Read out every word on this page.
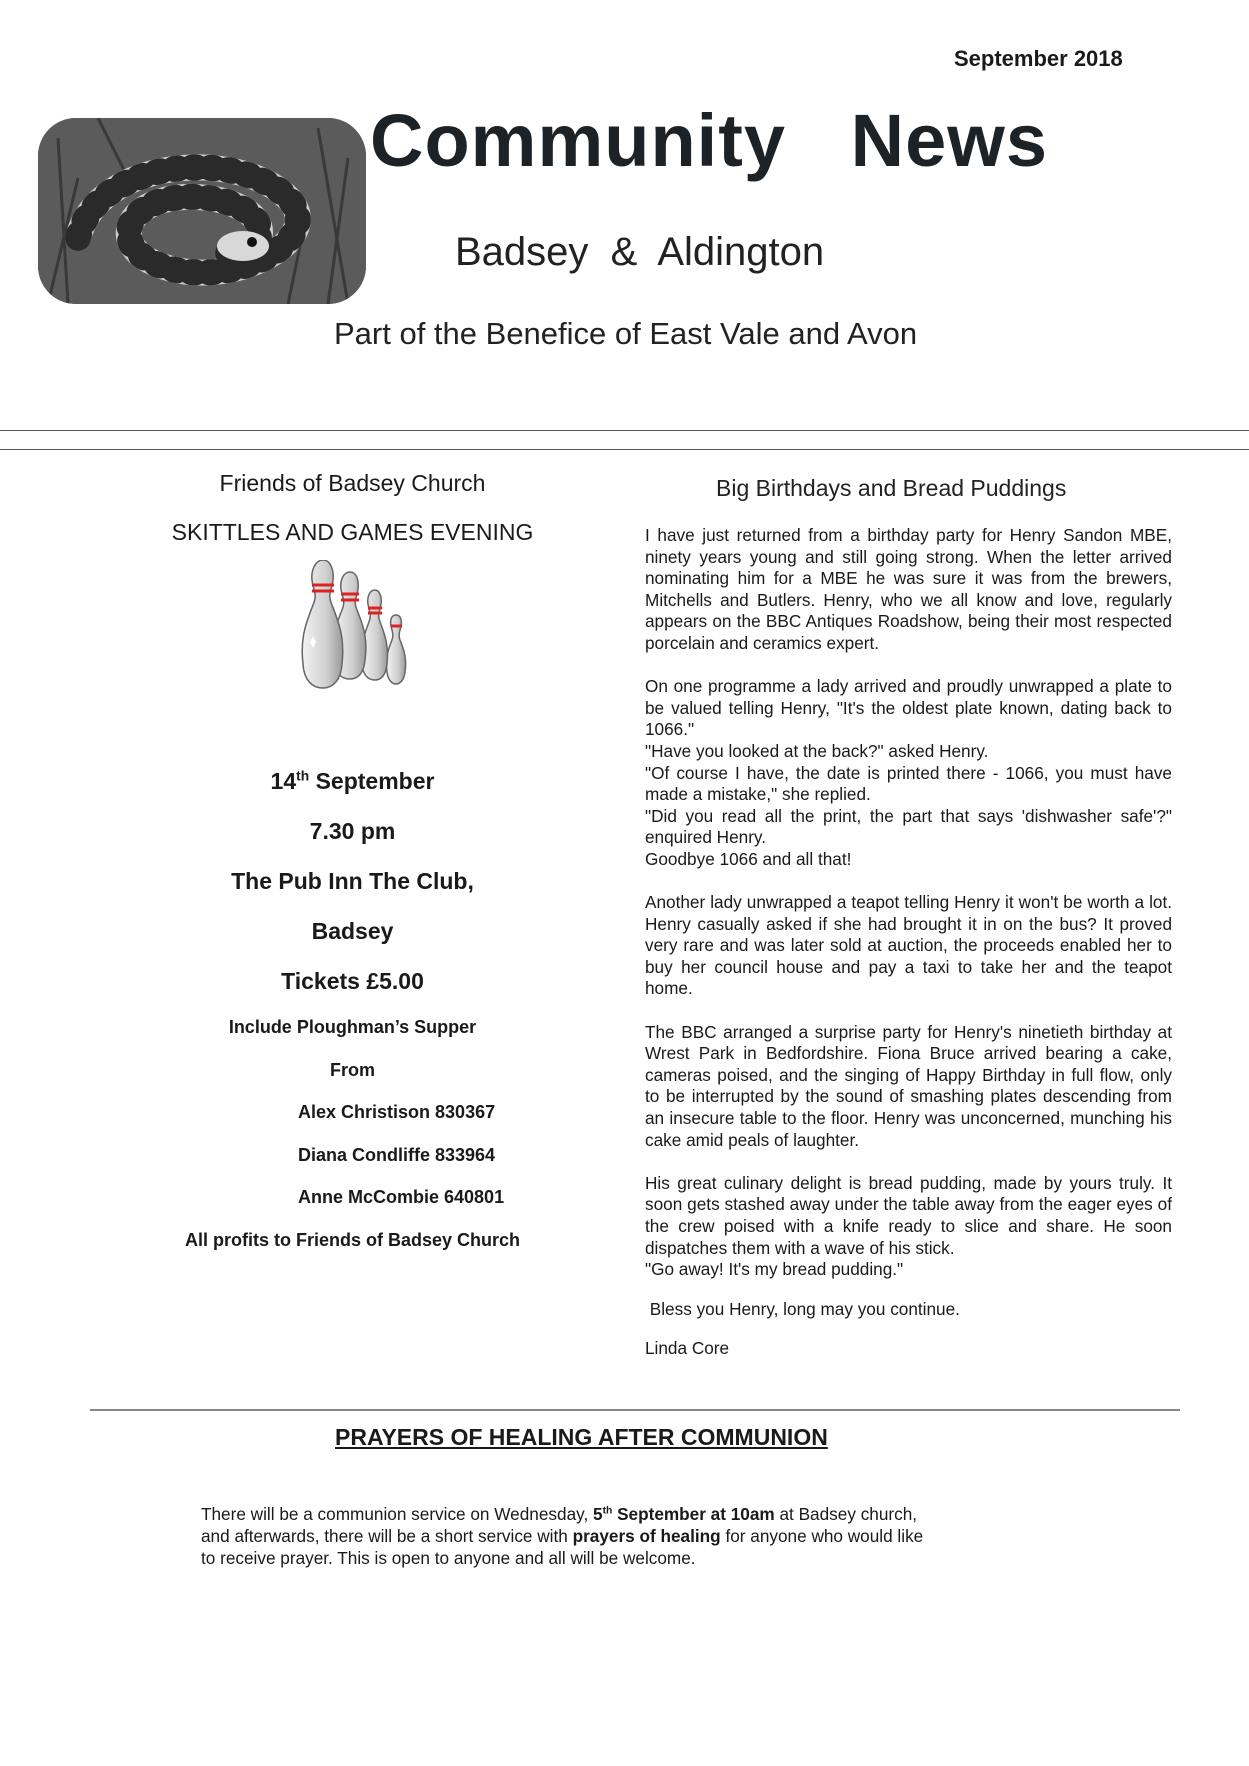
September 2018
Community   News
Badsey  &  Aldington
Part of the Benefice of East Vale and Avon
Friends of Badsey Church
SKITTLES AND GAMES EVENING
14th September
7.30 pm
The Pub Inn The Club,
Badsey
Tickets £5.00
Include Ploughman’s Supper
From
Alex Christison 830367
Diana Condliffe 833964
Anne McCombie 640801
All profits to Friends of Badsey Church
Big Birthdays and Bread Puddings

I have just returned from a birthday party for Henry Sandon MBE, ninety years young and still going strong. When the letter arrived nominating him for a MBE he was sure it was from the brewers, Mitchells and Butlers. Henry, who we all know and love, regularly appears on the BBC Antiques Roadshow, being their most respected porcelain and ceramics expert.

On one programme a lady arrived and proudly unwrapped a plate to be valued telling Henry, "It's the oldest plate known, dating back to 1066."

"Have you looked at the back?" asked Henry.

"Of course I have, the date is printed there - 1066, you must have made a mistake," she replied.

"Did you read all the print, the part that says 'dishwasher safe'?" enquired Henry.

Goodbye 1066 and all that!

Another lady unwrapped a teapot telling Henry it won't be worth a lot. Henry casually asked if she had brought it in on the bus? It proved very rare and was later sold at auction, the proceeds enabled her to buy her council house and pay a taxi to take her and the teapot home.

The BBC arranged a surprise party for Henry's ninetieth birthday at Wrest Park in Bedfordshire. Fiona Bruce arrived bearing a cake, cameras poised, and the singing of Happy Birthday in full flow, only to be interrupted by the sound of smashing plates descending from an insecure table to the floor. Henry was unconcerned, munching his cake amid peals of laughter.

His great culinary delight is bread pudding, made by yours truly. It soon gets stashed away under the table away from the eager eyes of the crew poised with a knife ready to slice and share. He soon dispatches them with a wave of his stick.

"Go away! It's my bread pudding."

Bless you Henry, long may you continue.

Linda Core

PRAYERS OF HEALING AFTER COMMUNION
There will be a communion service on Wednesday, 5th September at 10am at Badsey church,
and afterwards, there will be a short service with prayers of healing for anyone who would like
to receive prayer. This is open to anyone and all will be welcome.
